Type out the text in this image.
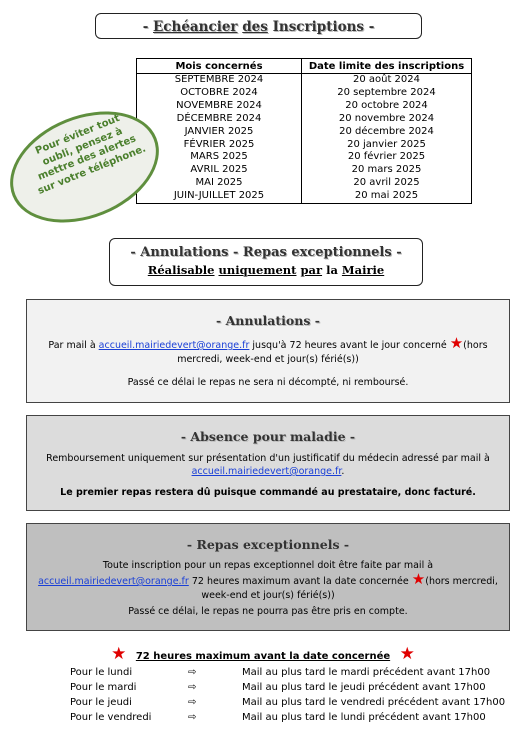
- Echéancier des Inscriptions -
Mois concernés	Date limite des inscriptions
SEPTEMBRE 2024	20 août 2024
OCTOBRE 2024	20 septembre 2024
NOVEMBRE 2024	20 octobre 2024
DÉCEMBRE 2024	20 novembre 2024
JANVIER 2025	20 décembre 2024
FÉVRIER 2025	20 janvier 2025
MARS 2025	20 février 2025
AVRIL 2025	20 mars 2025
MAI 2025	20 avril 2025
JUIN-JUILLET 2025	20 mai 2025
Pour éviter tout oubli, pensez à mettre des alertes sur votre téléphone.
- Annulations - Repas exceptionnels -
Réalisable uniquement par la Mairie
- Annulations -
Par mail à accueil.mairiedevert@orange.fr jusqu'à 72 heures avant le jour concerné ★(hors mercredi, week-end et jour(s) férié(s))
Passé ce délai le repas ne sera ni décompté, ni remboursé.
- Absence pour maladie -
Remboursement uniquement sur présentation d'un justificatif du médecin adressé par mail à
accueil.mairiedevert@orange.fr.
Le premier repas restera dû puisque commandé au prestataire, donc facturé.
- Repas exceptionnels -
Toute inscription pour un repas exceptionnel doit être faite par mail à
accueil.mairiedevert@orange.fr 72 heures maximum avant la date concernée ★(hors mercredi, week-end et jour(s) férié(s))
Passé ce délai, le repas ne pourra pas être pris en compte.
★ 72 heures maximum avant la date concernée ★
Pour le lundi	⇨	Mail au plus tard le mardi précédent avant 17h00
Pour le mardi	⇨	Mail au plus tard le jeudi précédent avant 17h00
Pour le jeudi	⇨	Mail au plus tard le vendredi précédent avant 17h00
Pour le vendredi	⇨	Mail au plus tard le lundi précédent avant 17h00
